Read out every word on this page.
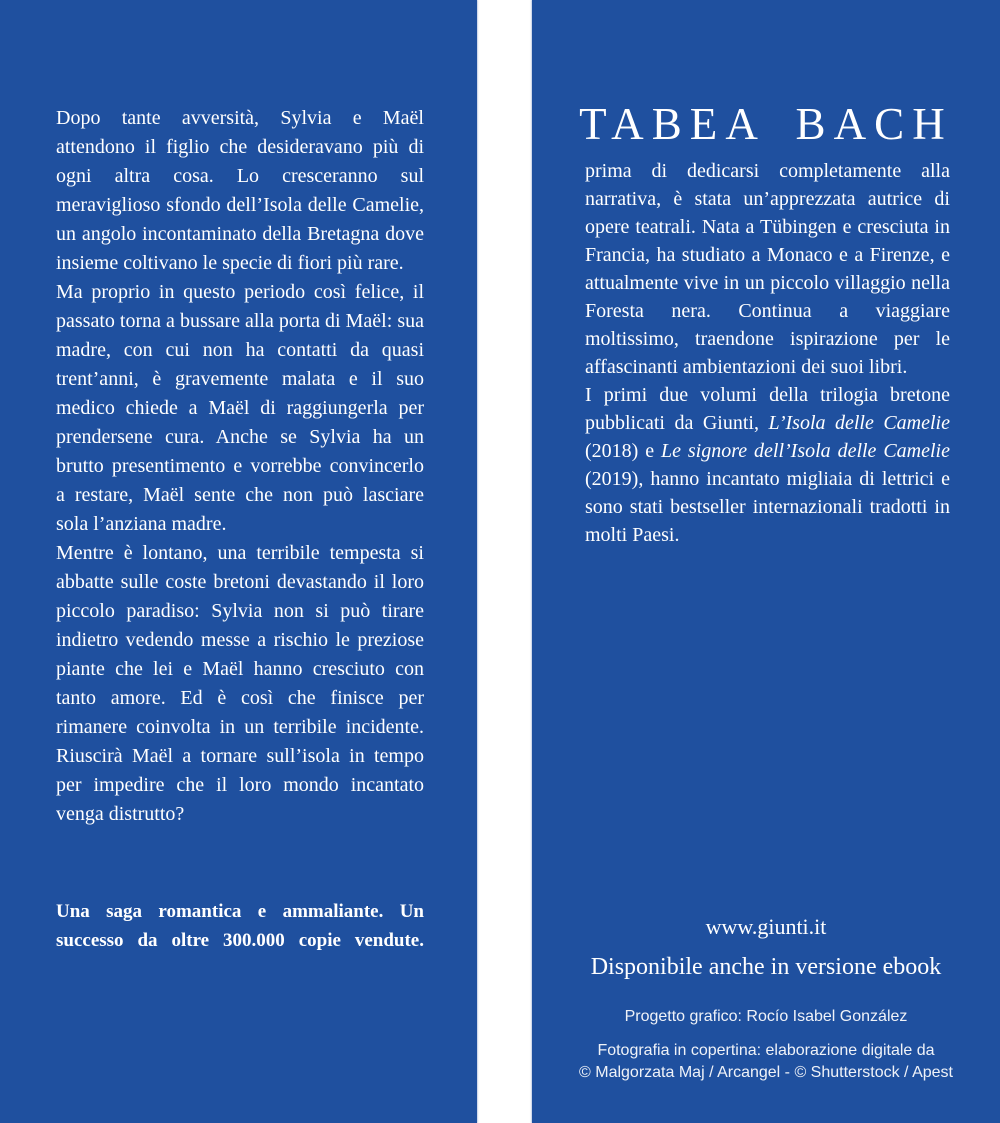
Dopo tante avversità, Sylvia e Maël attendono il figlio che desideravano più di ogni altra cosa. Lo cresceranno sul meraviglioso sfondo dell’Isola delle Camelie, un angolo incontaminato della Bretagna dove insieme coltivano le specie di fiori più rare.

Ma proprio in questo periodo così felice, il passato torna a bussare alla porta di Maël: sua madre, con cui non ha contatti da quasi trent’anni, è gravemente malata e il suo medico chiede a Maël di raggiungerla per prendersene cura. Anche se Sylvia ha un brutto presentimento e vorrebbe convincerlo a restare, Maël sente che non può lasciare sola l’anziana madre.

Mentre è lontano, una terribile tempesta si abbatte sulle coste bretoni devastando il loro piccolo paradiso: Sylvia non si può tirare indietro vedendo messe a rischio le preziose piante che lei e Maël hanno cresciuto con tanto amore. Ed è così che finisce per rimanere coinvolta in un terribile incidente. Riuscirà Maël a tornare sull’isola in tempo per impedire che il loro mondo incantato venga distrutto?

Una saga romantica e ammaliante. Un successo da oltre 300.000 copie vendute.

TABEA BACH

prima di dedicarsi completamente alla narrativa, è stata un’apprezzata autrice di opere teatrali. Nata a Tübingen e cresciuta in Francia, ha studiato a Monaco e a Firenze, e attualmente vive in un piccolo villaggio nella Foresta nera. Continua a viaggiare moltissimo, traendone ispirazione per le affascinanti ambientazioni dei suoi libri.

I primi due volumi della trilogia bretone pubblicati da Giunti, L’Isola delle Camelie (2018) e Le signore dell’Isola delle Camelie (2019), hanno incantato migliaia di lettrici e sono stati bestseller internazionali tradotti in molti Paesi.

www.giunti.it

Disponibile anche in versione ebook

Progetto grafico: Rocío Isabel González

Fotografia in copertina: elaborazione digitale da
© Malgorzata Maj / Arcangel - © Shutterstock / Apest
